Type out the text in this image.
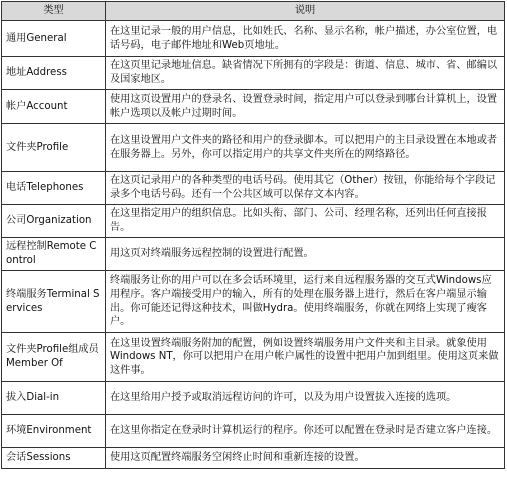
类型	说明
通用General	在这里记录一般的用户信息，比如姓氏、名称、显示名称，帐户描述，办公室位置，电话号码，电子邮件地址和Web页地址。
地址Address	在这页里记录地址信息。缺省情况下所拥有的字段是：街道、信息、城市、省、邮编以及国家地区。
帐户Account	使用这页设置用户的登录名、设置登录时间，指定用户可以登录到哪台计算机上，设置帐户选项以及帐户过期时间。
文件夹Profile	在这里设置用户文件夹的路径和用户的登录脚本。可以把用户的主目录设置在本地或者在服务器上。另外，你可以指定用户的共享文件夹所在的网络路径。
电话Telephones	在这页记录用户的各种类型的电话号码。使用其它（Other）按钮，你能给每个字段记录多个电话号码。还有一个公共区域可以保存文本内容。
公司Organization	在这里指定用户的组织信息。比如头衔、部门、公司、经理名称，还列出任何直接报告。
远程控制Remote Control	用这页对终端服务远程控制的设置进行配置。
终端服务Terminal Services	终端服务让你的用户可以在多会话环境里，运行来自远程服务器的交互式Windows应用程序。客户端接受用户的输入，所有的处理在服务器上进行，然后在客户端显示输出。你可能还记得这种技术，叫做Hydra。使用终端服务，你就在网络上实现了瘦客户。
文件夹Profile组成员Member Of	在这里设置终端服务附加的配置，例如设置终端服务用户文件夹和主目录。就象使用 Windows NT，你可以把用户在用户帐户属性的设置中把用户加到组里。使用这页来做这件事。
拔入Dial-in	在这里给用户授予或取消远程访问的许可，以及为用户设置拔入连接的选项。
环境Environment	在这里你指定在登录时计算机运行的程序。你还可以配置在登录时是否建立客户连接。
会话Sessions	使用这页配置终端服务空闲终止时间和重新连接的设置。
